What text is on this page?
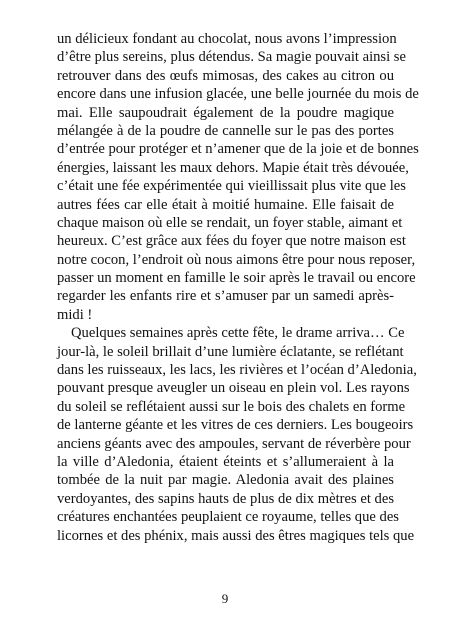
un délicieux fondant au chocolat, nous avons l’impression
d’être plus sereins, plus détendus. Sa magie pouvait ainsi se
retrouver dans des œufs mimosas, des cakes au citron ou
encore dans une infusion glacée, une belle journée du mois de
mai. Elle saupoudrait également de la poudre magique
mélangée à de la poudre de cannelle sur le pas des portes
d’entrée pour protéger et n’amener que de la joie et de bonnes
énergies, laissant les maux dehors. Mapie était très dévouée,
c’était une fée expérimentée qui vieillissait plus vite que les
autres fées car elle était à moitié humaine. Elle faisait de
chaque maison où elle se rendait, un foyer stable, aimant et
heureux. C’est grâce aux fées du foyer que notre maison est
notre cocon, l’endroit où nous aimons être pour nous reposer,
passer un moment en famille le soir après le travail ou encore
regarder les enfants rire et s’amuser par un samedi après-
midi !
Quelques semaines après cette fête, le drame arriva… Ce
jour-là, le soleil brillait d’une lumière éclatante, se reflétant
dans les ruisseaux, les lacs, les rivières et l’océan d’Aledonia,
pouvant presque aveugler un oiseau en plein vol. Les rayons
du soleil se reflétaient aussi sur le bois des chalets en forme
de lanterne géante et les vitres de ces derniers. Les bougeoirs
anciens géants avec des ampoules, servant de réverbère pour
la ville d’Aledonia, étaient éteints et s’allumeraient à la
tombée de la nuit par magie. Aledonia avait des plaines
verdoyantes, des sapins hauts de plus de dix mètres et des
créatures enchantées peuplaient ce royaume, telles que des
licornes et des phénix, mais aussi des êtres magiques tels que
9
